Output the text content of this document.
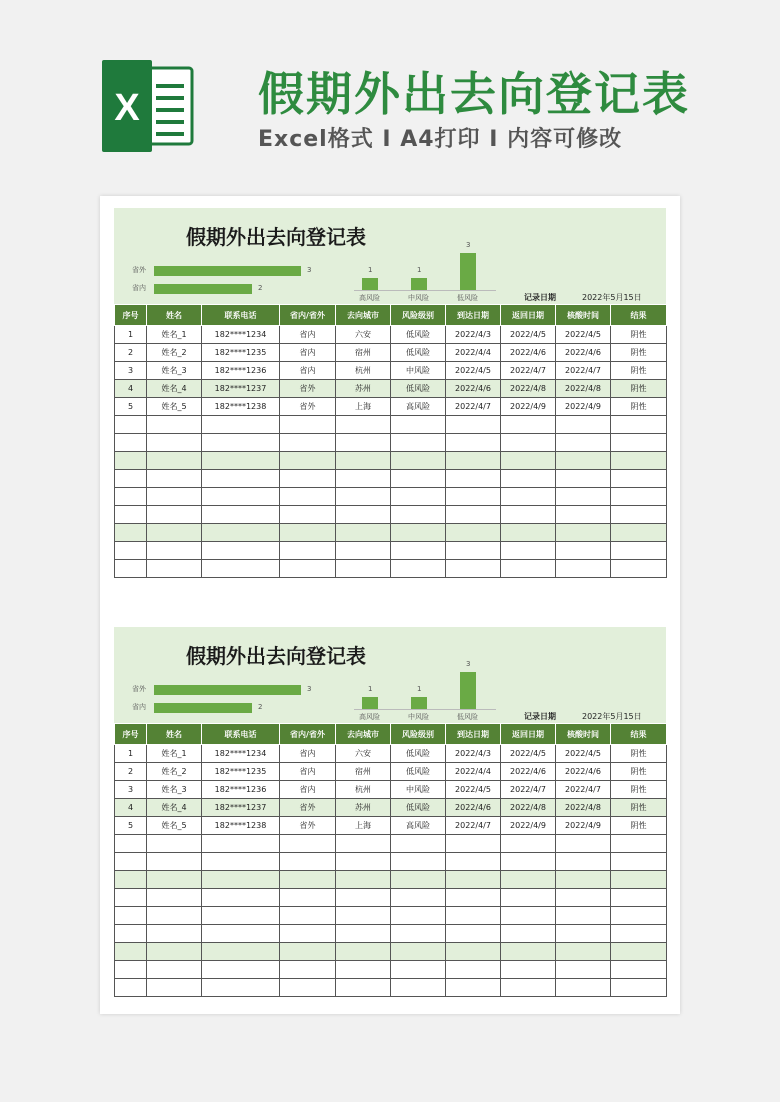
X	假期外出去向登记表
Excel格式 I A4打印 I 内容可修改
假期外出去向登记表
省外	3
省内	2
1
高风险
1
中风险
3
低风险	记录日期	2022年5月15日
序号	姓名	联系电话	省内/省外	去向城市	风险级别	到达日期	返回日期	核酸时间	结果
1	姓名_1	182****1234	省内	六安	低风险	2022/4/3	2022/4/5	2022/4/5	阴性
2	姓名_2	182****1235	省内	宿州	低风险	2022/4/4	2022/4/6	2022/4/6	阴性
3	姓名_3	182****1236	省内	杭州	中风险	2022/4/5	2022/4/7	2022/4/7	阴性
4	姓名_4	182****1237	省外	苏州	低风险	2022/4/6	2022/4/8	2022/4/8	阴性
5	姓名_5	182****1238	省外	上海	高风险	2022/4/7	2022/4/9	2022/4/9	阴性

假期外出去向登记表
省外	3
省内	2
1
高风险
1
中风险
3
低风险	记录日期	2022年5月15日
序号	姓名	联系电话	省内/省外	去向城市	风险级别	到达日期	返回日期	核酸时间	结果
1	姓名_1	182****1234	省内	六安	低风险	2022/4/3	2022/4/5	2022/4/5	阴性
2	姓名_2	182****1235	省内	宿州	低风险	2022/4/4	2022/4/6	2022/4/6	阴性
3	姓名_3	182****1236	省内	杭州	中风险	2022/4/5	2022/4/7	2022/4/7	阴性
4	姓名_4	182****1237	省外	苏州	低风险	2022/4/6	2022/4/8	2022/4/8	阴性
5	姓名_5	182****1238	省外	上海	高风险	2022/4/7	2022/4/9	2022/4/9	阴性
